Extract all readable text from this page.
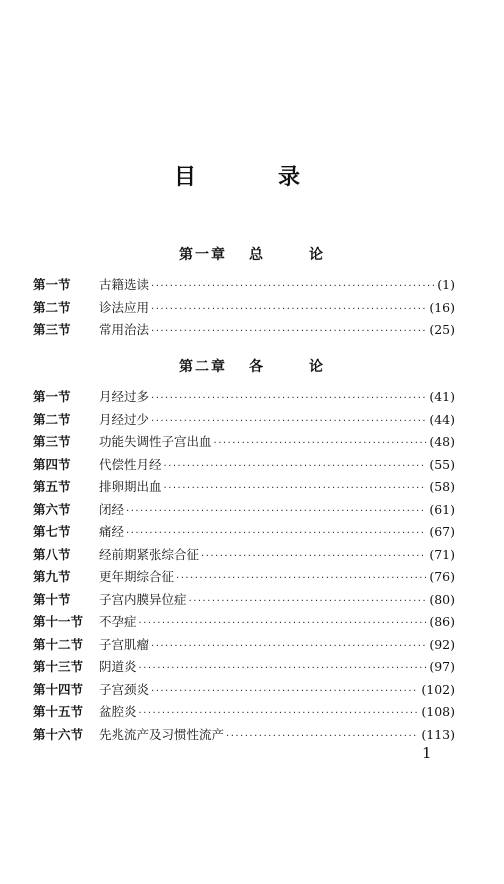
目　录
第一章 总	论
第一节	古籍选读 ·····	(1)
第二节	诊法应用 ·····	(16)
第三节	常用治法 ·····	(25)
第二章 各	论
第一节	月经过多 ·····	(41)
第二节	月经过少 ·····	(44)
第三节	功能失调性子宫出血 ·····	(48)
第四节	代偿性月经 ·····	(55)
第五节	排卵期出血 ·····	(58)
第六节	闭经 ·····	(61)
第七节	痛经 ·····	(67)
第八节	经前期紧张综合征 ·····	(71)
第九节	更年期综合征 ·····	(76)
第十节	子宫内膜异位症 ·····	(80)
第十一节	不孕症 ·····	(86)
第十二节	子宫肌瘤 ·····	(92)
第十三节	阴道炎 ·····	(97)
第十四节	子宫颈炎 ·····	(102)
第十五节	盆腔炎 ·····	(108)
第十六节	先兆流产及习惯性流产 ·····	(113)
1
